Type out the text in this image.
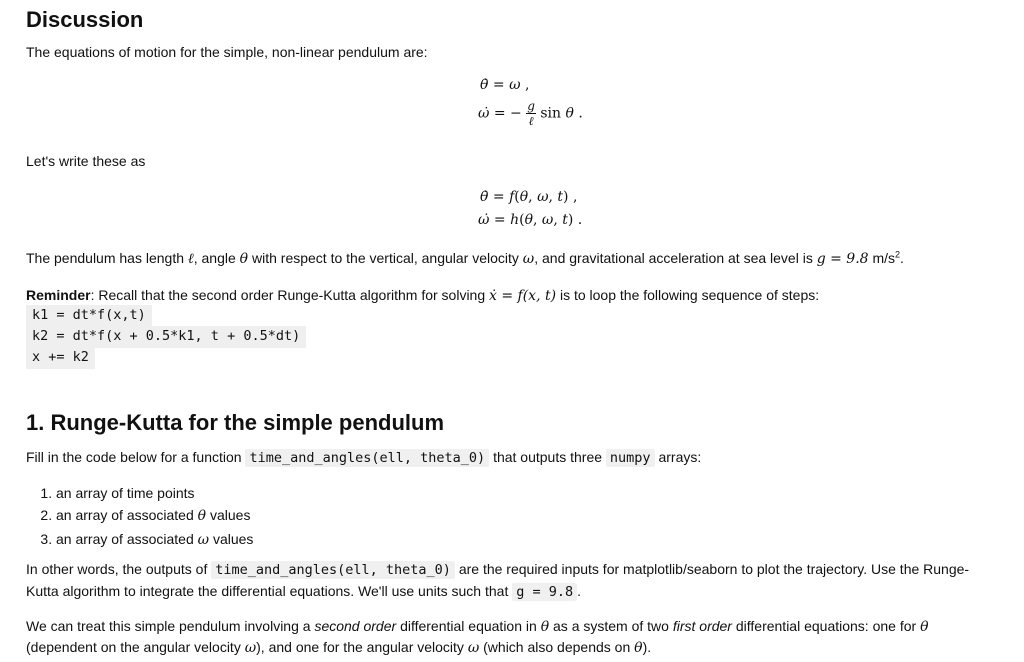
Discussion
The equations of motion for the simple, non-linear pendulum are:
θ̇ = ω ,
ω̇ = − $\frac{g}{\text{ℓ}}$ sin θ .
Let's write these as
θ̇ = f(θ, ω, t) ,
ω̇ = h(θ, ω, t) .
The pendulum has length ℓ, angle θ with respect to the vertical, angular velocity ω, and gravitational acceleration at sea level is g = 9.8 $m/s^2$.
Reminder: Recall that the second order Runge-Kutta algorithm for solving ẋ = f(x, t) is to loop the following sequence of steps:
k1 = dt*f(x,t)
k2 = dt*f(x + 0.5*k1, t + 0.5*dt)
x += k2
1. Runge-Kutta for the simple pendulum
Fill in the code below for a function time_and_angles(ell, theta_0) that outputs three numpy arrays:
1. an array of time points
2. an array of associated θ values
3. an array of associated ω values
In other words, the outputs of time_and_angles(ell, theta_0) are the required inputs for matplotlib/seaborn to plot the trajectory. Use the Runge-Kutta algorithm to integrate the differential equations. We'll use units such that g = 9.8 .
We can treat this simple pendulum involving a second order differential equation in θ as a system of two first order differential equations: one for θ (dependent on the angular velocity ω), and one for the angular velocity ω (which also depends on θ).
